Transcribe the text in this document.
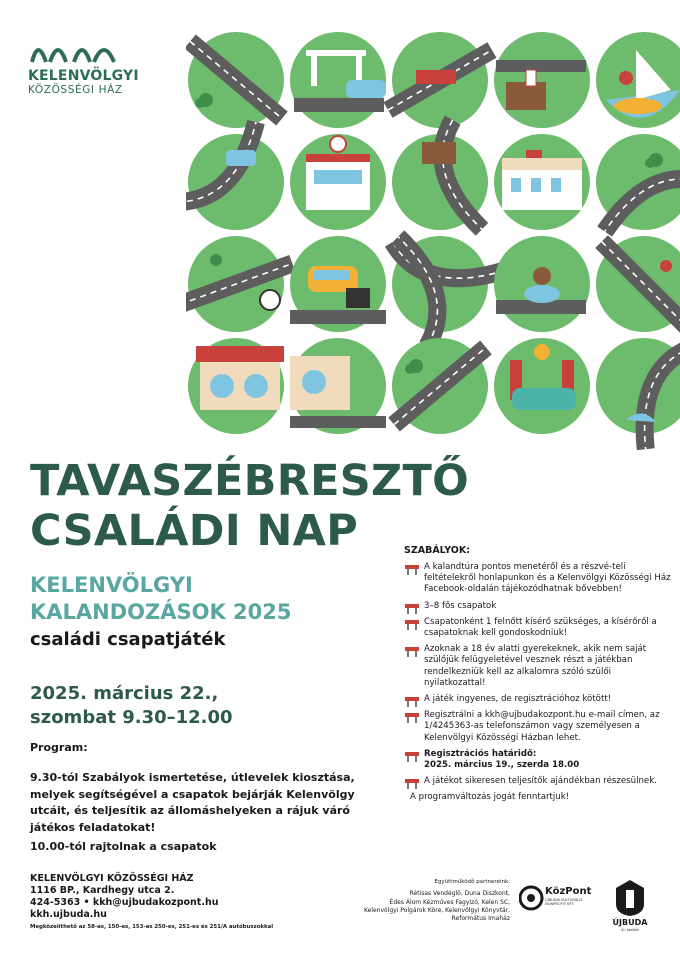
KELENVÖLGYI
KÖZÖSSÉGI HÁZ
TAVASZÉBRESZTŐ
CSALÁDI NAP
KELENVÖLGYI
KALANDOZÁSOK 2025
családi csapatjáték
2025. március 22.,
szombat 9.30–12.00
Program:
9.30-tól Szabályok ismertetése, útlevelek kiosztása, melyek segítségével a csapatok bejárják Kelenvölgy utcáit, és teljesítik az állomáshelyeken a rájuk váró játékos feladatokat!
10.00-tól rajtolnak a csapatok
KELENVÖLGYI KÖZÖSSÉGI HÁZ
1116 BP., Kardhegy utca 2.
424-5363 • kkh@ujbudakozpont.hu
kkh.ujbuda.hu
Megközelíthető az 58-as, 150-es, 153-as 250-es, 251-es és 251/A autóbuszokkal
SZABÁLYOK:
A kalandtúra pontos menetéről és a részvé-teli feltételekről honlapunkon és a Kelenvölgyi Közösségi Ház Facebook-oldalán tájékozódhatnak bővebben!
3–8 fős csapatok
Csapatonként 1 felnőtt kísérő szükséges, a kísérőről a csapatoknak kell gondoskodniuk!
Azoknak a 18 év alatti gyerekeknek, akik nem saját szülőjük felügyeletével vesznek részt a játékban rendelkezniük kell az alkalomra szóló szülői nyilatkozattal!
A játék ingyenes, de regisztrációhoz kötött!
Regisztrálni a kkh@ujbudakozpont.hu e-mail címen, az 1/4245363-as telefonszámon vagy személyesen a Kelenvölgyi Közösségi Házban lehet.
Regisztrációs határidő:
2025. március 19., szerda 18.00
A játékot sikeresen teljesítők ajándékban részesülnek.
A programváltozás jogát fenntartjuk!
Együttműködő partnereink:
Rétisas Vendéglő, Duna Diszkont,
Édes Álom Kézműves Fagyizó, Kelen SC,
Kelenvölgyi Polgárok Köre, Kelenvölgyi Könyvtár,
Református Imaház
KözPont
ÚJBUDAI KULTURÁLIS NONPROFIT KFT.
ÚJBUDA
XI. kerület
